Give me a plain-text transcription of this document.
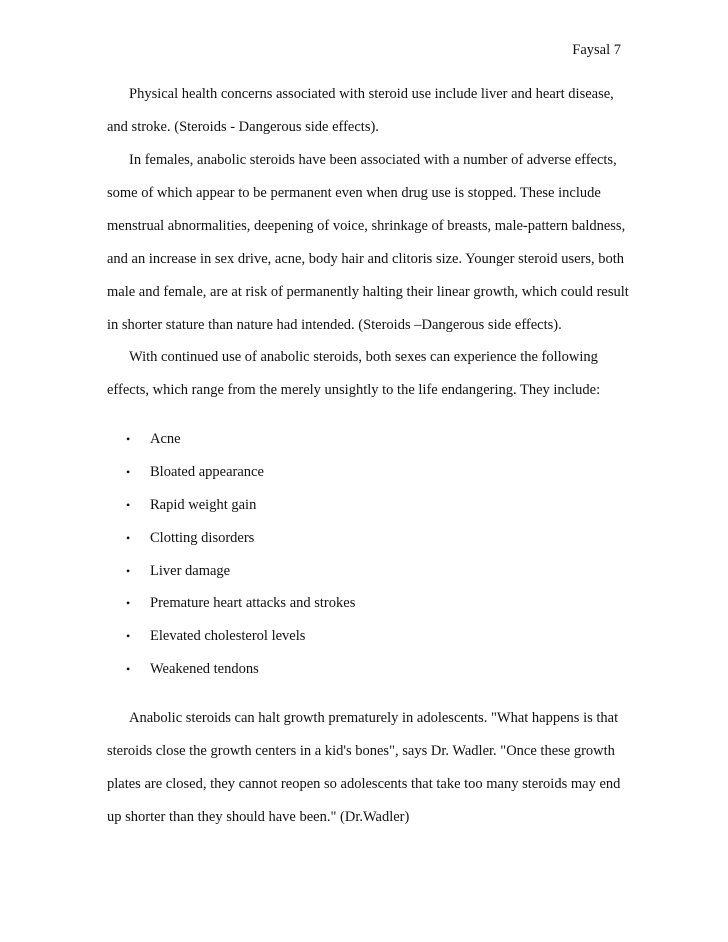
Faysal 7
Physical health concerns associated with steroid use include liver and heart disease,
and stroke. (Steroids - Dangerous side effects).
In females, anabolic steroids have been associated with a number of adverse effects,
some of which appear to be permanent even when drug use is stopped. These include
menstrual abnormalities, deepening of voice, shrinkage of breasts, male-pattern baldness,
and an increase in sex drive, acne, body hair and clitoris size. Younger steroid users, both
male and female, are at risk of permanently halting their linear growth, which could result
in shorter stature than nature had intended. (Steroids –Dangerous side effects).
With continued use of anabolic steroids, both sexes can experience the following
effects, which range from the merely unsightly to the life endangering. They include:
• Acne
• Bloated appearance
• Rapid weight gain
• Clotting disorders
• Liver damage
• Premature heart attacks and strokes
• Elevated cholesterol levels
• Weakened tendons
Anabolic steroids can halt growth prematurely in adolescents. "What happens is that
steroids close the growth centers in a kid's bones", says Dr. Wadler. "Once these growth
plates are closed, they cannot reopen so adolescents that take too many steroids may end
up shorter than they should have been." (Dr.Wadler)
